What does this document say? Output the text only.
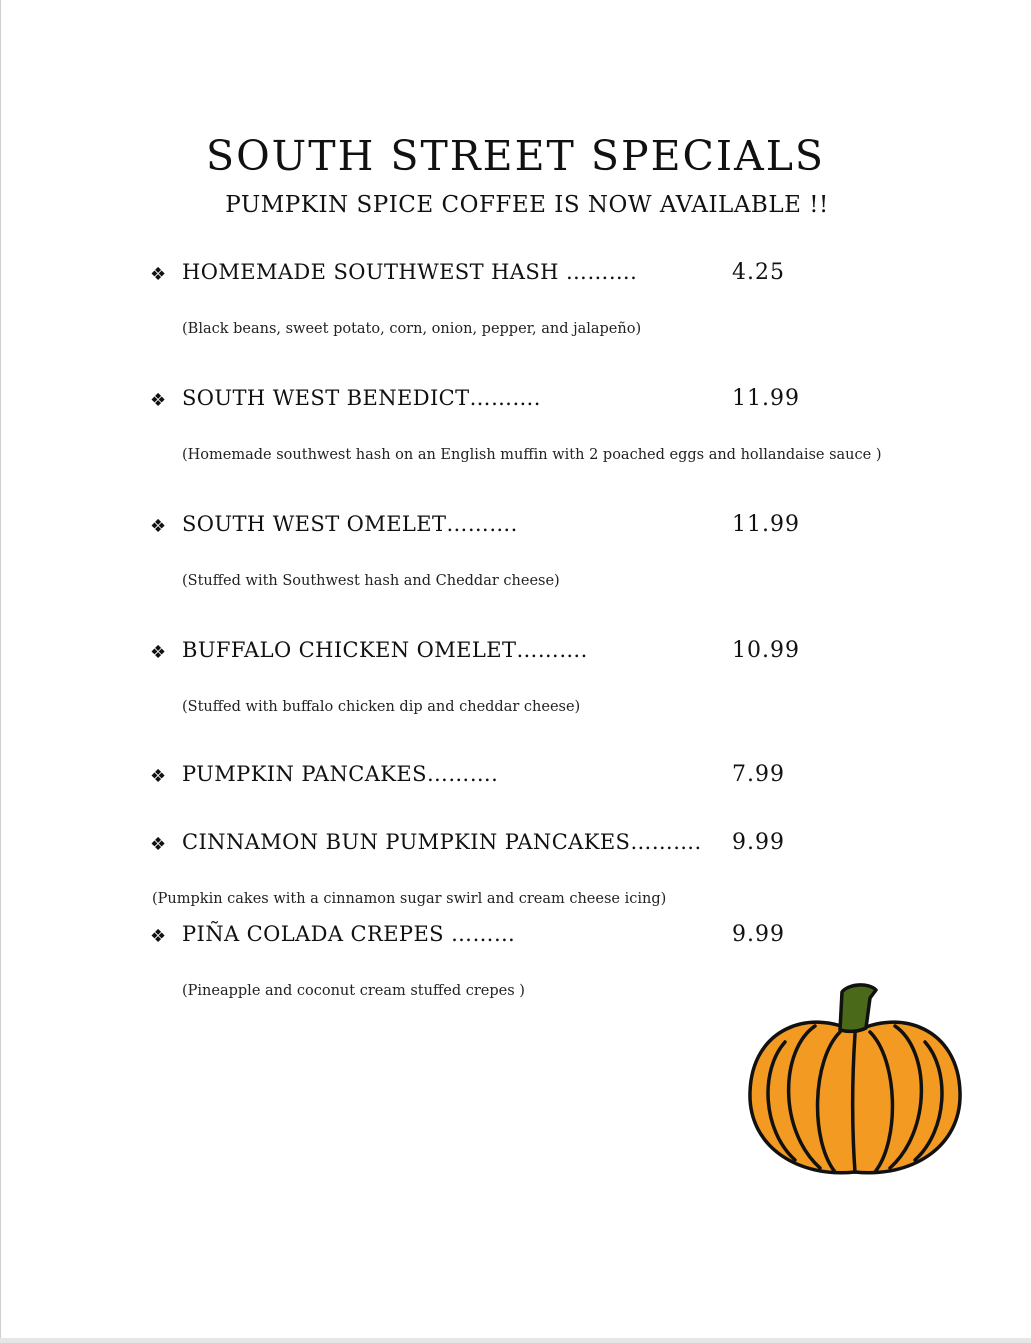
SOUTH STREET SPECIALS
PUMPKIN SPICE COFFEE IS NOW AVAILABLE !!
❖ HOMEMADE SOUTHWEST HASH ……….	4.25
(Black beans, sweet potato, corn, onion, pepper, and jalapeño)
❖ SOUTH WEST BENEDICT……….	11.99
(Homemade southwest hash on an English muffin with 2 poached eggs and hollandaise sauce )
❖ SOUTH WEST OMELET……….	11.99
(Stuffed with Southwest hash and Cheddar cheese)
❖ BUFFALO CHICKEN OMELET……….	10.99
(Stuffed with buffalo chicken dip and cheddar cheese)
❖ PUMPKIN PANCAKES……….	7.99
❖ CINNAMON BUN PUMPKIN PANCAKES………. 9.99
(Pumpkin cakes with a cinnamon sugar swirl and cream cheese icing)
❖ PIÑA COLADA CREPES ………	9.99
(Pineapple and coconut cream stuffed crepes )
